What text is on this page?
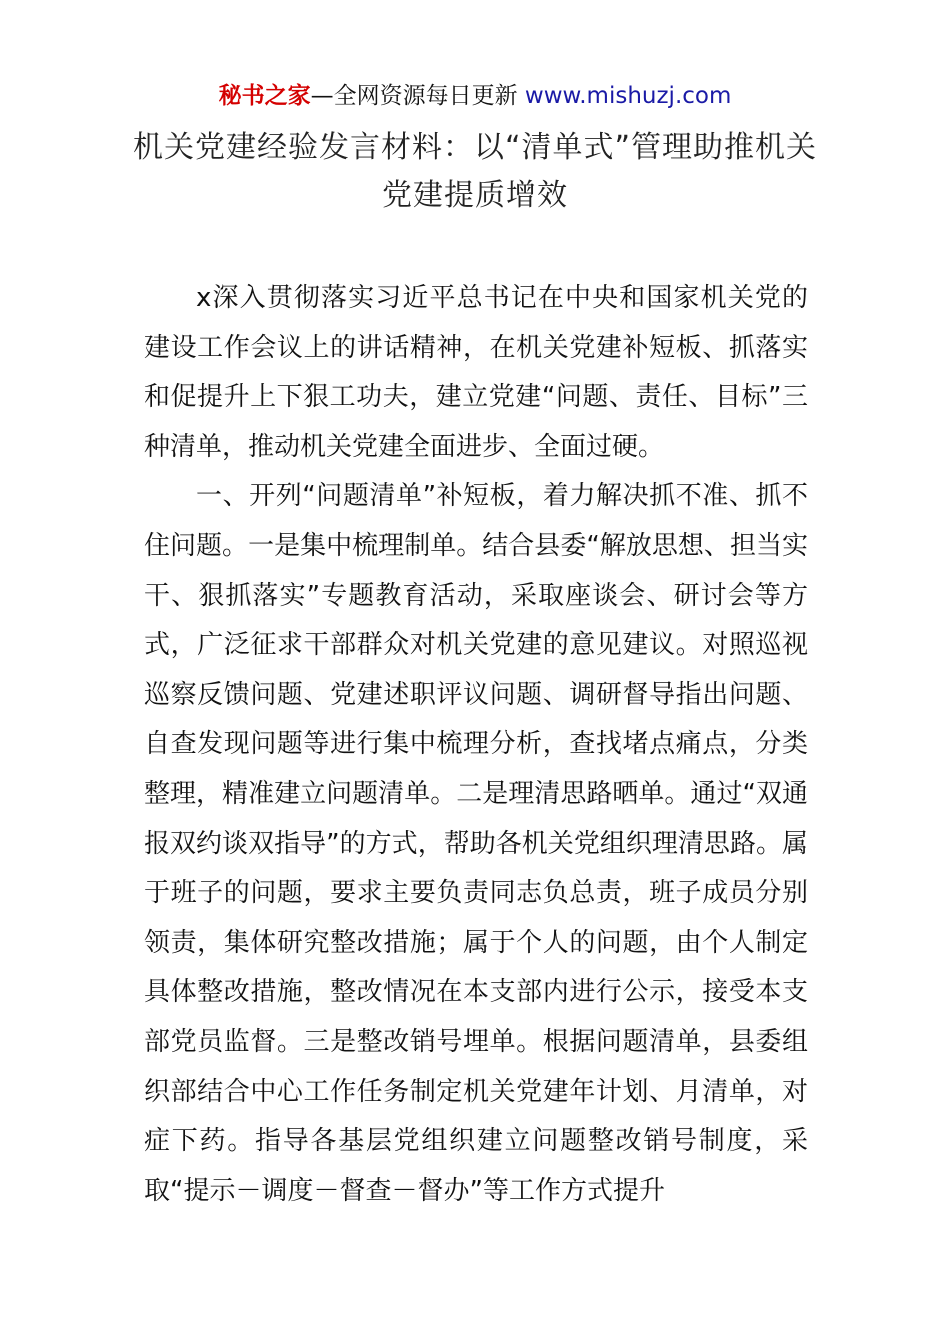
秘书之家—全网资源每日更新 www.mishuzj.com
机关党建经验发言材料：以“清单式”管理助推机关党建提质增效

x深入贯彻落实习近平总书记在中央和国家机关党的建设工作会议上的讲话精神，在机关党建补短板、抓落实和促提升上下狠工功夫，建立党建“问题、责任、目标”三种清单，推动机关党建全面进步、全面过硬。

一、开列“问题清单”补短板，着力解决抓不准、抓不住问题。一是集中梳理制单。结合县委“解放思想、担当实干、狠抓落实”专题教育活动，采取座谈会、研讨会等方式，广泛征求干部群众对机关党建的意见建议。对照巡视巡察反馈问题、党建述职评议问题、调研督导指出问题、自查发现问题等进行集中梳理分析，查找堵点痛点，分类整理，精准建立问题清单。二是理清思路晒单。通过“双通报双约谈双指导”的方式，帮助各机关党组织理清思路。属于班子的问题，要求主要负责同志负总责，班子成员分别领责，集体研究整改措施；属于个人的问题，由个人制定具体整改措施，整改情况在本支部内进行公示，接受本支部党员监督。三是整改销号埋单。根据问题清单，县委组织部结合中心工作任务制定机关党建年计划、月清单，对症下药。指导各基层党组织建立问题整改销号制度，采取“提示－调度－督查－督办”等工作方式提升
